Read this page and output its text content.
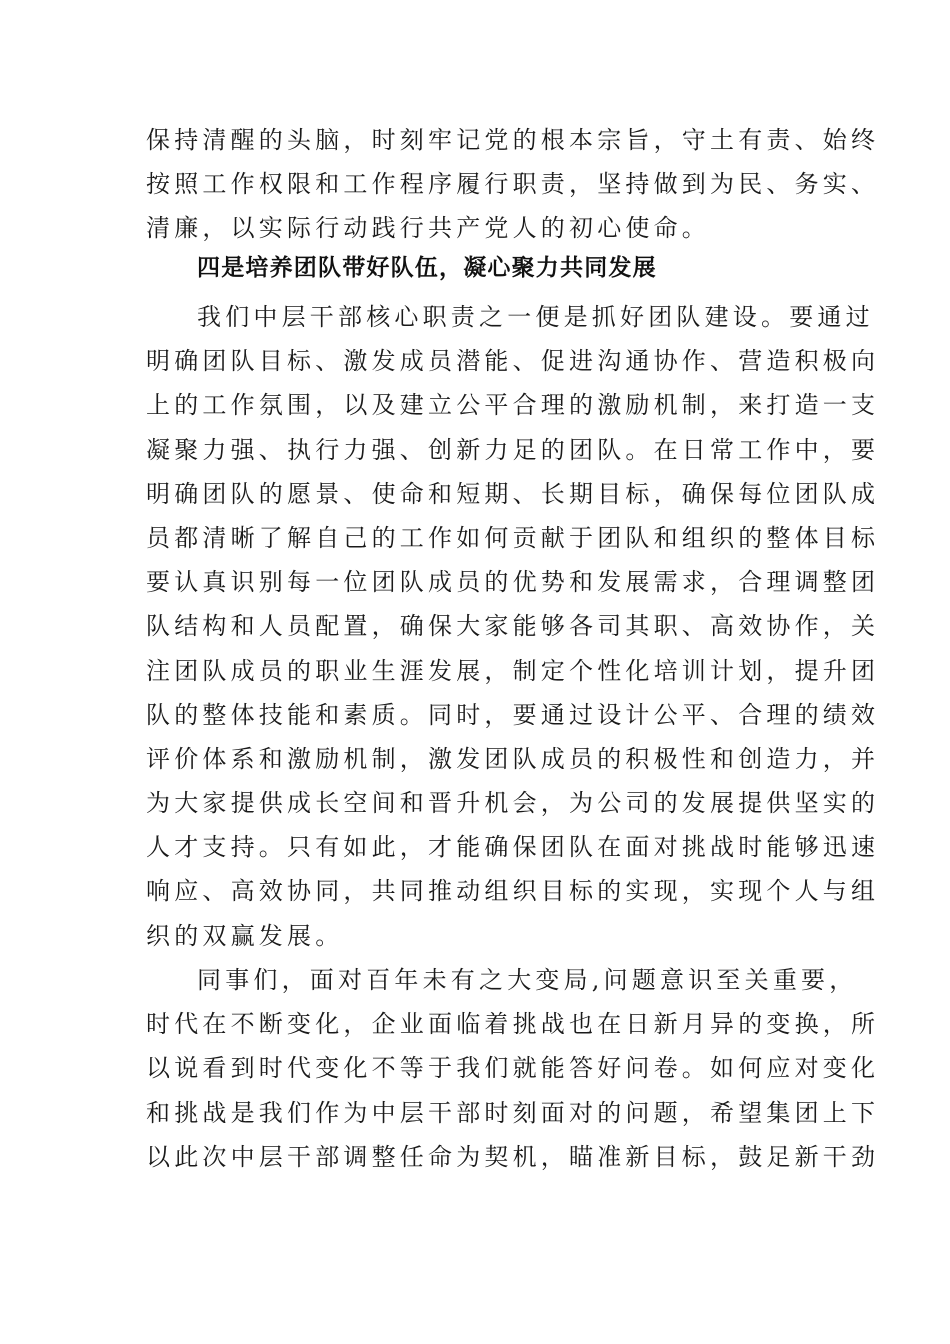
保持清醒的头脑，时刻牢记党的根本宗旨，守土有责、始终
按照工作权限和工作程序履行职责，坚持做到为民、务实、
清廉，以实际行动践行共产党人的初心使命。
四是培养团队带好队伍，凝心聚力共同发展
我们中层干部核心职责之一便是抓好团队建设。要通过
明确团队目标、激发成员潜能、促进沟通协作、营造积极向
上的工作氛围，以及建立公平合理的激励机制，来打造一支
凝聚力强、执行力强、创新力足的团队。在日常工作中，要
明确团队的愿景、使命和短期、长期目标，确保每位团队成
员都清晰了解自己的工作如何贡献于团队和组织的整体目标
要认真识别每一位团队成员的优势和发展需求，合理调整团
队结构和人员配置，确保大家能够各司其职、高效协作，关
注团队成员的职业生涯发展，制定个性化培训计划，提升团
队的整体技能和素质。同时，要通过设计公平、合理的绩效
评价体系和激励机制，激发团队成员的积极性和创造力，并
为大家提供成长空间和晋升机会，为公司的发展提供坚实的
人才支持。只有如此，才能确保团队在面对挑战时能够迅速
响应、高效协同，共同推动组织目标的实现，实现个人与组
织的双赢发展。
同事们，面对百年未有之大变局,问题意识至关重要，
时代在不断变化，企业面临着挑战也在日新月异的变换，所
以说看到时代变化不等于我们就能答好问卷。如何应对变化
和挑战是我们作为中层干部时刻面对的问题，希望集团上下
以此次中层干部调整任命为契机，瞄准新目标，鼓足新干劲
